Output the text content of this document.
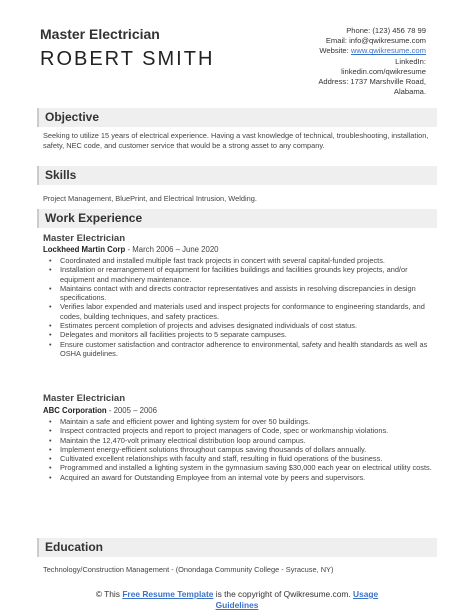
Master Electrician
ROBERT SMITH
Phone: (123) 456 78 99
Email: info@qwikresume.com
Website: www.qwikresume.com
LinkedIn:
linkedin.com/qwikresume
Address: 1737 Marshville Road,
Alabama.
Objective
Seeking to utilize 15 years of electrical experience. Having a vast knowledge of technical, troubleshooting, installation, safety, NEC code, and customer service that would be a strong asset to any company.
Skills
Project Management, BluePrint, and Electrical Intrusion, Welding.
Work Experience
Master Electrician
Lockheed Martin Corp - March 2006 – June 2020
• Coordinated and installed multiple fast track projects in concert with several capital-funded projects.
• Installation or rearrangement of equipment for facilities buildings and facilities grounds key projects, and/or equipment and machinery maintenance.
• Maintains contact with and directs contractor representatives and assists in resolving discrepancies in design specifications.
• Verifies labor expended and materials used and inspect projects for conformance to engineering standards, and codes, building techniques, and safety practices.
• Estimates percent completion of projects and advises designated individuals of cost status.
• Delegates and monitors all facilities projects to 5 separate campuses.
• Ensure customer satisfaction and contractor adherence to environmental, safety and health standards as well as OSHA guidelines.
Master Electrician
ABC Corporation - 2005 – 2006
• Maintain a safe and efficient power and lighting system for over 50 buildings.
• Inspect contracted projects and report to project managers of Code, spec or workmanship violations.
• Maintain the 12,470-volt primary electrical distribution loop around campus.
• Implement energy-efficient solutions throughout campus saving thousands of dollars annually.
• Cultivated excellent relationships with faculty and staff, resulting in fluid operations of the business.
• Programmed and installed a lighting system in the gymnasium saving $30,000 each year on electrical utility costs.
• Acquired an award for Outstanding Employee from an internal vote by peers and supervisors.
Education
Technology/Construction Management - (Onondaga Community College - Syracuse, NY)
© This Free Resume Template is the copyright of Qwikresume.com. Usage
Guidelines
